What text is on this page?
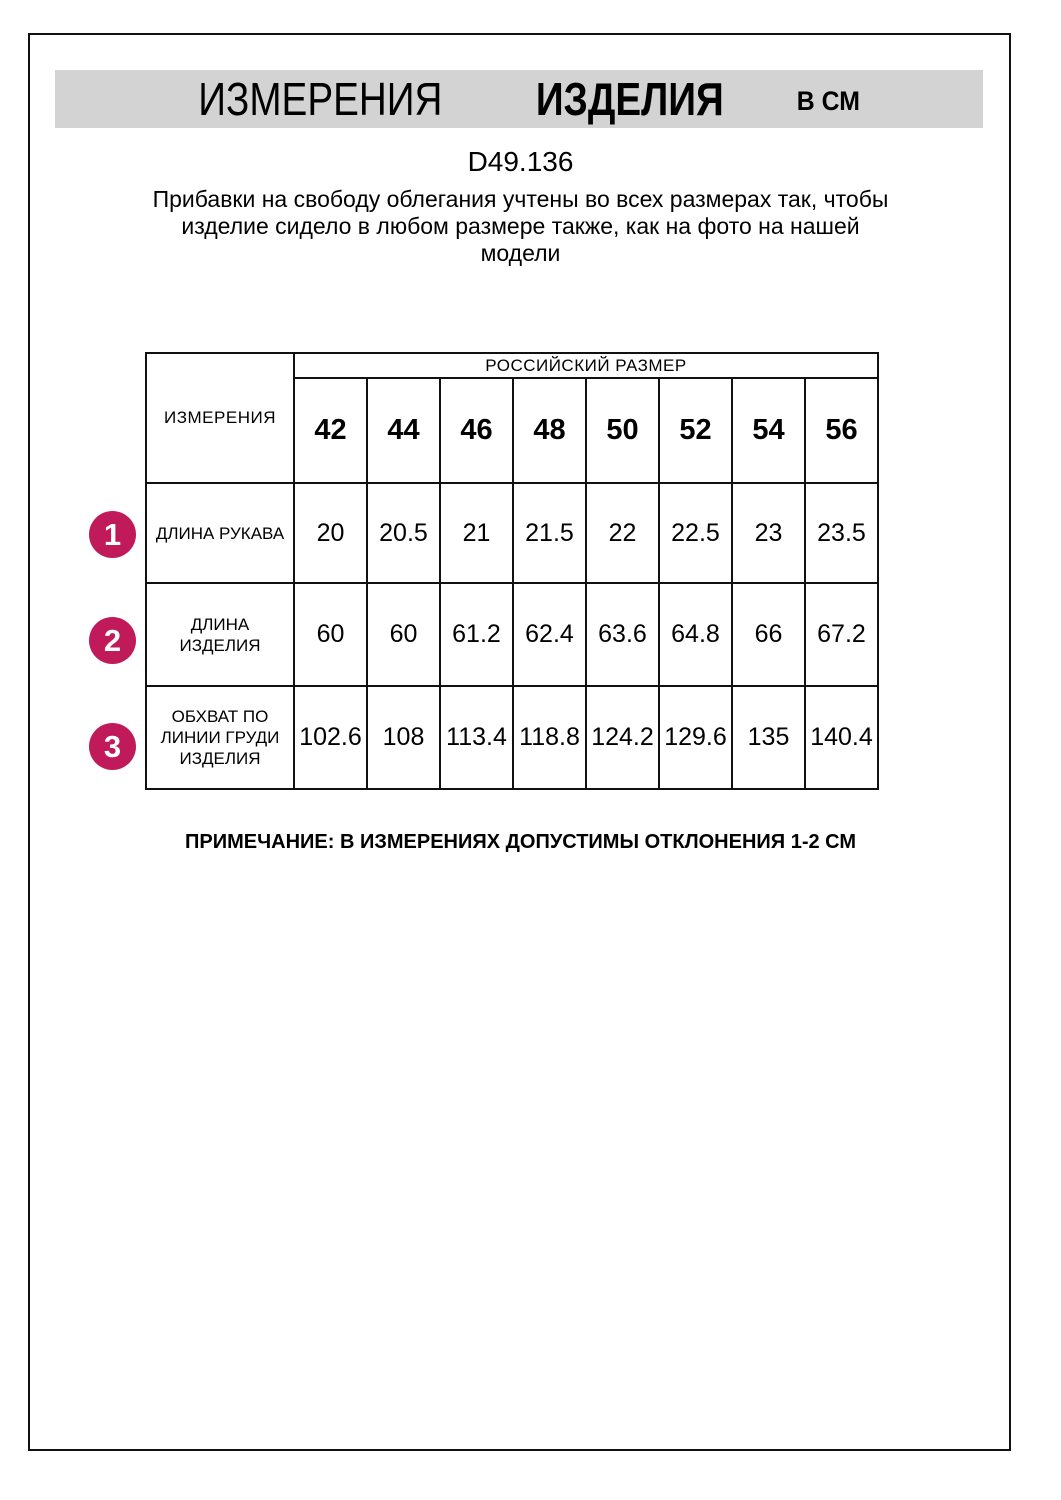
ИЗМЕРЕНИЯ ИЗДЕЛИЯ	В СМ
D49.136
Прибавки на свободу облегания учтены во всех размерах так, чтобы
изделие сидело в любом размере также, как на фото на нашей
модели
ИЗМЕРЕНИЯ	РОССИЙСКИЙ РАЗМЕР							
	42	44	46	48	50	52	54	56
ДЛИНА РУКАВА	20	20.5	21	21.5	22	22.5	23	23.5
ДЛИНА ИЗДЕЛИЯ	60	60	61.2	62.4	63.6	64.8	66	67.2
ОБХВАТ ПО ЛИНИИ ГРУДИ ИЗДЕЛИЯ	102.6	108	113.4	118.8	124.2	129.6	135	140.4
1
2
3
ПРИМЕЧАНИЕ: В ИЗМЕРЕНИЯХ ДОПУСТИМЫ ОТКЛОНЕНИЯ 1-2 СМ
